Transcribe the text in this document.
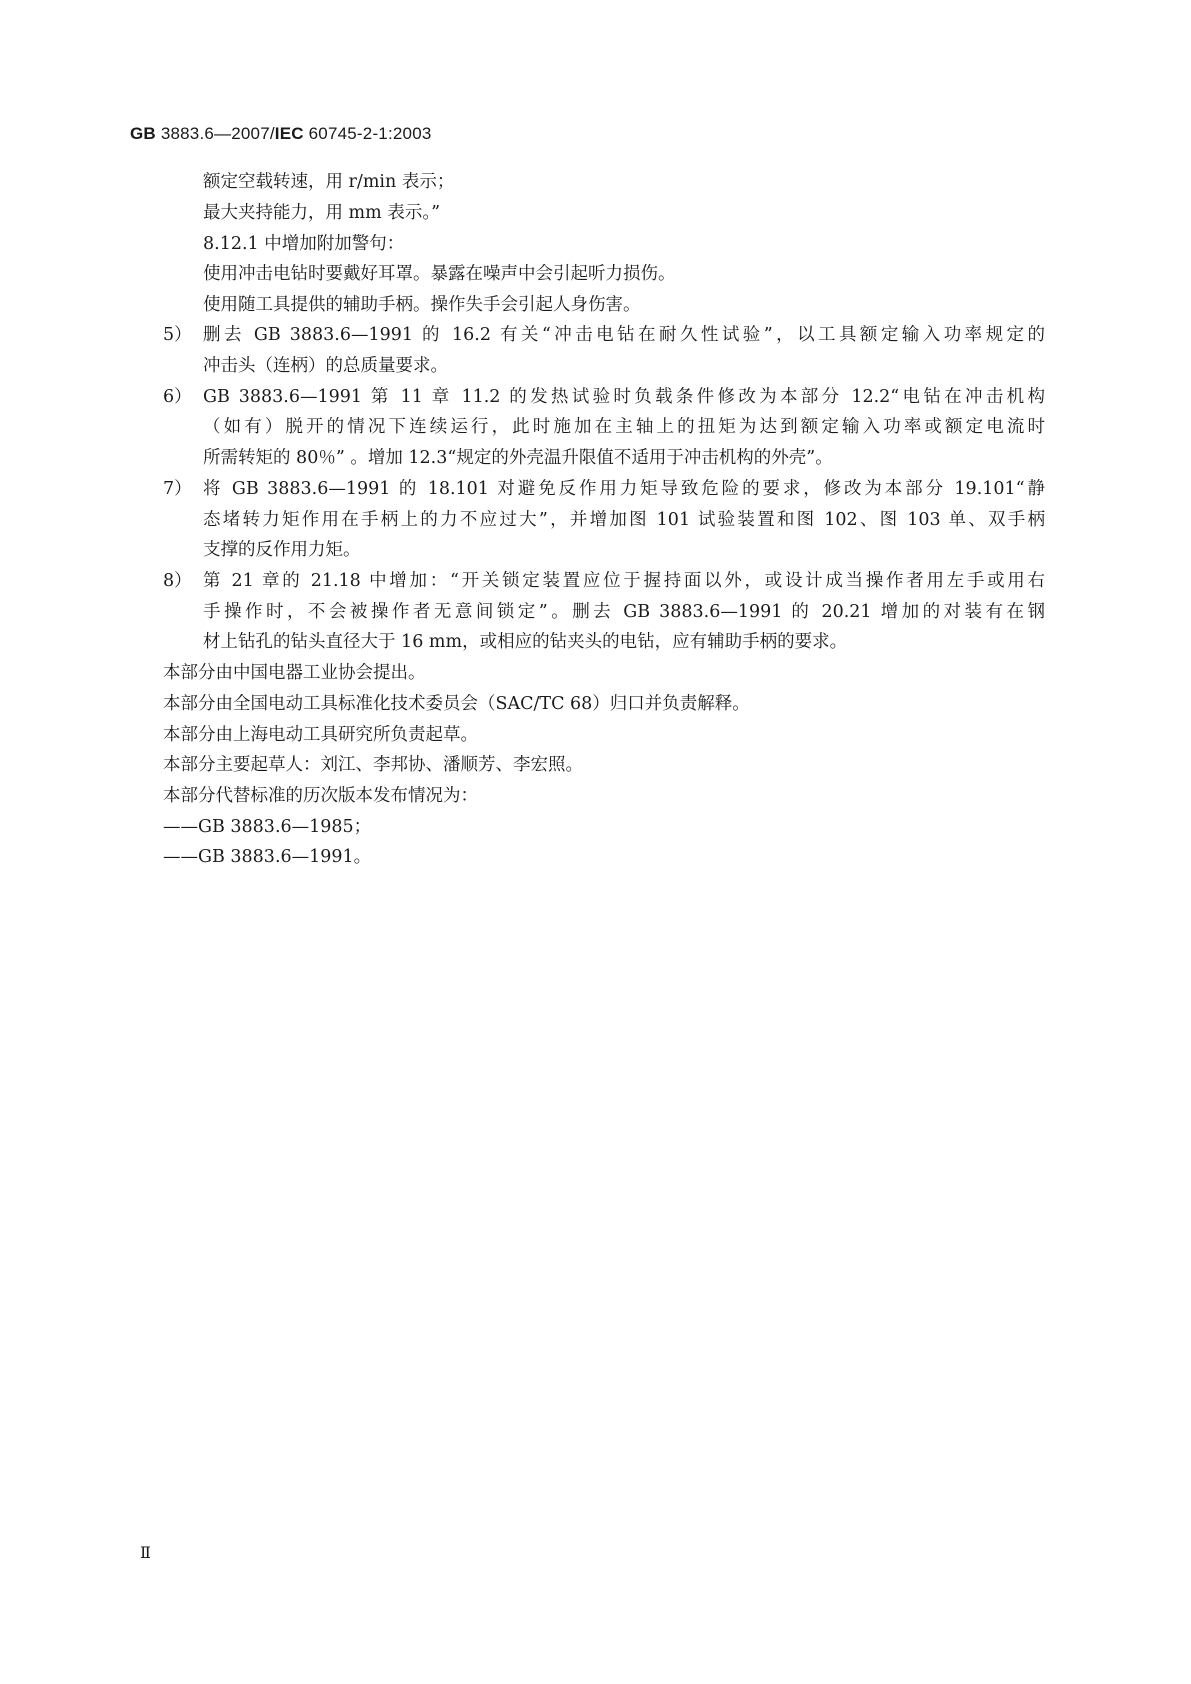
GB 3883.6—2007/IEC 60745-2-1:2003
额定空载转速，用 r/min 表示；
最大夹持能力，用 mm 表示。”
8.12.1 中增加附加警句：
使用冲击电钻时要戴好耳罩。暴露在噪声中会引起听力损伤。
使用随工具提供的辅助手柄。操作失手会引起人身伤害。
5） 删去 GB 3883.6—1991 的 16.2 有关“冲击电钻在耐久性试验”，以工具额定输入功率规定的
冲击头（连柄）的总质量要求。
6） GB 3883.6—1991 第 11 章 11.2 的发热试验时负载条件修改为本部分 12.2“电钻在冲击机构
（如有）脱开的情况下连续运行，此时施加在主轴上的扭矩为达到额定输入功率或额定电流时
所需转矩的 80％” 。增加 12.3“规定的外壳温升限值不适用于冲击机构的外壳”。
7） 将 GB 3883.6—1991 的 18.101 对避免反作用力矩导致危险的要求，修改为本部分 19.101“静
态堵转力矩作用在手柄上的力不应过大”，并增加图 101 试验装置和图 102、图 103 单、双手柄
支撑的反作用力矩。
8） 第 21 章的 21.18 中增加：“开关锁定装置应位于握持面以外，或设计成当操作者用左手或用右
手操作时，不会被操作者无意间锁定”。删去 GB 3883.6—1991 的 20.21 增加的对装有在钢
材上钻孔的钻头直径大于 16 mm，或相应的钻夹头的电钻，应有辅助手柄的要求。
本部分由中国电器工业协会提出。
本部分由全国电动工具标准化技术委员会（SAC/TC 68）归口并负责解释。
本部分由上海电动工具研究所负责起草。
本部分主要起草人：刘江、李邦协、潘顺芳、李宏照。
本部分代替标准的历次版本发布情况为：
——GB 3883.6—1985；
——GB 3883.6—1991。
Ⅱ
